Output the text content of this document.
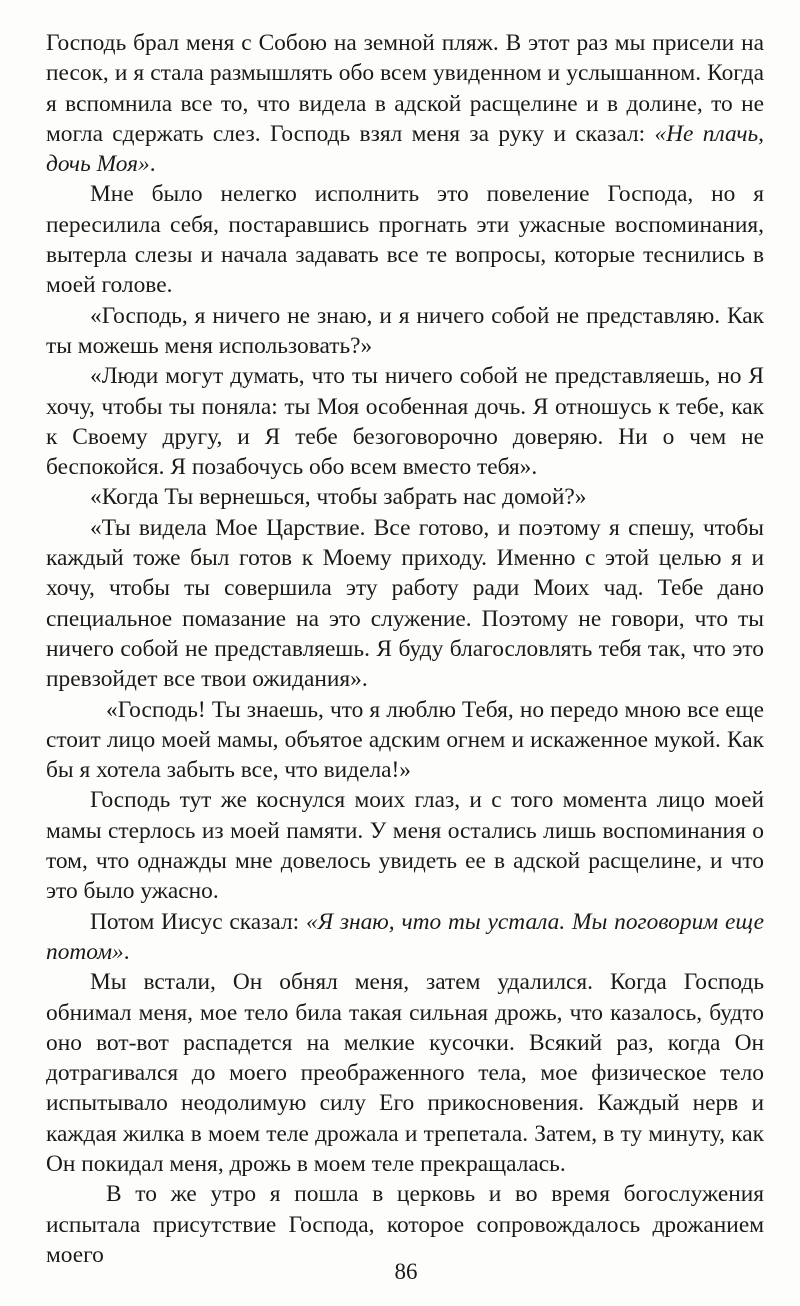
Господь брал меня с Собою на земной пляж. В этот раз мы присели на песок, и я стала размышлять обо всем увиденном и услышанном. Когда я вспомнила все то, что видела в адской расщелине и в долине, то не могла сдержать слез. Господь взял меня за руку и сказал: «Не плачь, дочь Моя».

Мне было нелегко исполнить это повеление Господа, но я пересилила себя, постаравшись прогнать эти ужасные воспоминания, вытерла слезы и начала задавать все те вопросы, которые теснились в моей голове.

«Господь, я ничего не знаю, и я ничего собой не представляю. Как ты можешь меня использовать?»

«Люди могут думать, что ты ничего собой не представляешь, но Я хочу, чтобы ты поняла: ты Моя особенная дочь. Я отношусь к тебе, как к Своему другу, и Я тебе безоговорочно доверяю. Ни о чем не беспокойся. Я позабочусь обо всем вместо тебя».

«Когда Ты вернешься, чтобы забрать нас домой?»

«Ты видела Мое Царствие. Все готово, и поэтому я спешу, чтобы каждый тоже был готов к Моему приходу. Именно с этой целью я и хочу, чтобы ты совершила эту работу ради Моих чад. Тебе дано специальное помазание на это служение. Поэтому не говори, что ты ничего собой не представляешь. Я буду благословлять тебя так, что это превзойдет все твои ожидания».

«Господь! Ты знаешь, что я люблю Тебя, но передо мною все еще стоит лицо моей мамы, объятое адским огнем и искаженное мукой. Как бы я хотела забыть все, что видела!»

Господь тут же коснулся моих глаз, и с того момента лицо моей мамы стерлось из моей памяти. У меня остались лишь воспоминания о том, что однажды мне довелось увидеть ее в адской расщелине, и что это было ужасно.

Потом Иисус сказал: «Я знаю, что ты устала. Мы поговорим еще потом».

Мы встали, Он обнял меня, затем удалился. Когда Господь обнимал меня, мое тело била такая сильная дрожь, что казалось, будто оно вот-вот распадется на мелкие кусочки. Всякий раз, когда Он дотрагивался до моего преображенного тела, мое физическое тело испытывало неодолимую силу Его прикосновения. Каждый нерв и каждая жилка в моем теле дрожала и трепетала. Затем, в ту минуту, как Он покидал меня, дрожь в моем теле прекращалась.

В то же утро я пошла в церковь и во время богослужения испытала присутствие Господа, которое сопровождалось дрожанием моего

86
